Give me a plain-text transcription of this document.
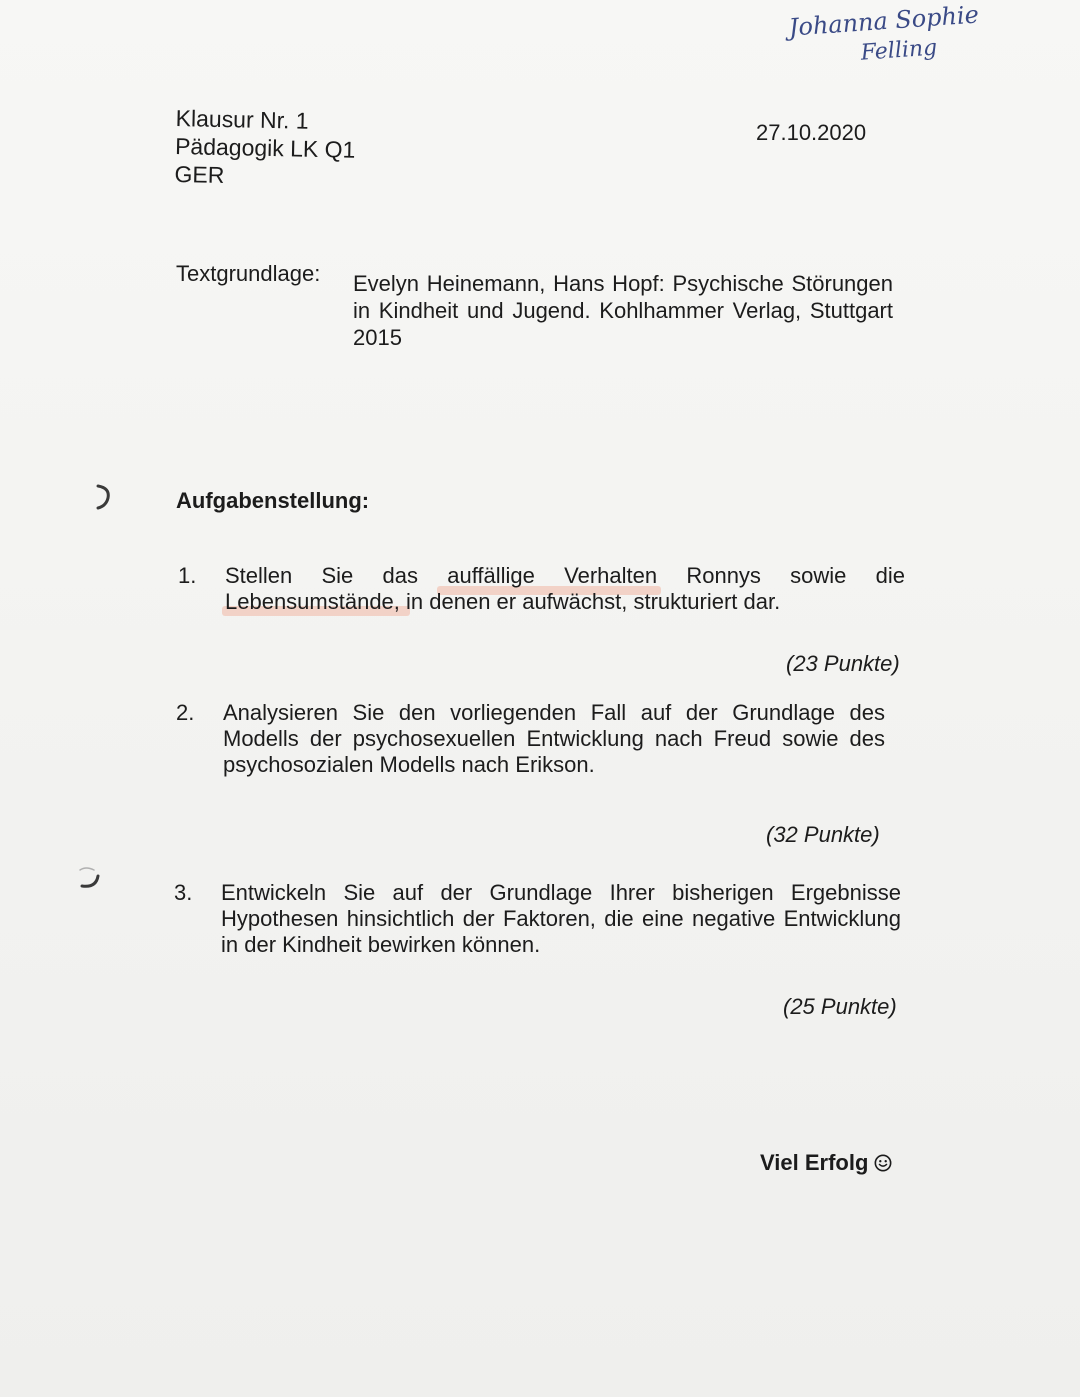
Johanna Sophie
Felling
Klausur Nr. 1
Pädagogik LK Q1
GER
27.10.2020
Textgrundlage: Evelyn Heinemann, Hans Hopf: Psychische Störungen in Kindheit und Jugend. Kohlhammer Verlag, Stuttgart 2015
Aufgabenstellung:
1. Stellen Sie das auffällige Verhalten Ronnys sowie die Lebensumstände, in denen er aufwächst, strukturiert dar.
(23 Punkte)
2. Analysieren Sie den vorliegenden Fall auf der Grundlage des Modells der psychosexuellen Entwicklung nach Freud sowie des psychosozialen Modells nach Erikson.
(32 Punkte)
3. Entwickeln Sie auf der Grundlage Ihrer bisherigen Ergebnisse Hypothesen hinsichtlich der Faktoren, die eine negative Entwicklung in der Kindheit bewirken können.
(25 Punkte)
Viel Erfolg
